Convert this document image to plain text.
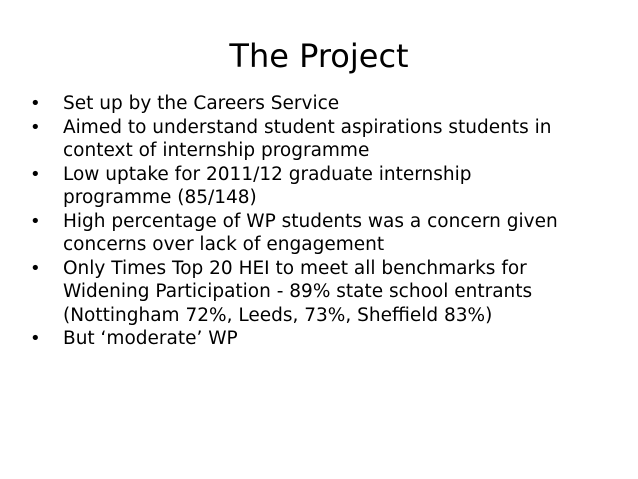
The Project
•	Set up by the Careers Service
•	Aimed to understand student aspirations students in
context of internship programme
•	Low uptake for 2011/12 graduate internship
programme (85/148)
•	High percentage of WP students was a concern given
concerns over lack of engagement
•	Only Times Top 20 HEI to meet all benchmarks for
Widening Participation - 89% state school entrants
(Nottingham 72%, Leeds, 73%, Sheffield 83%)
•	But ‘moderate’ WP
